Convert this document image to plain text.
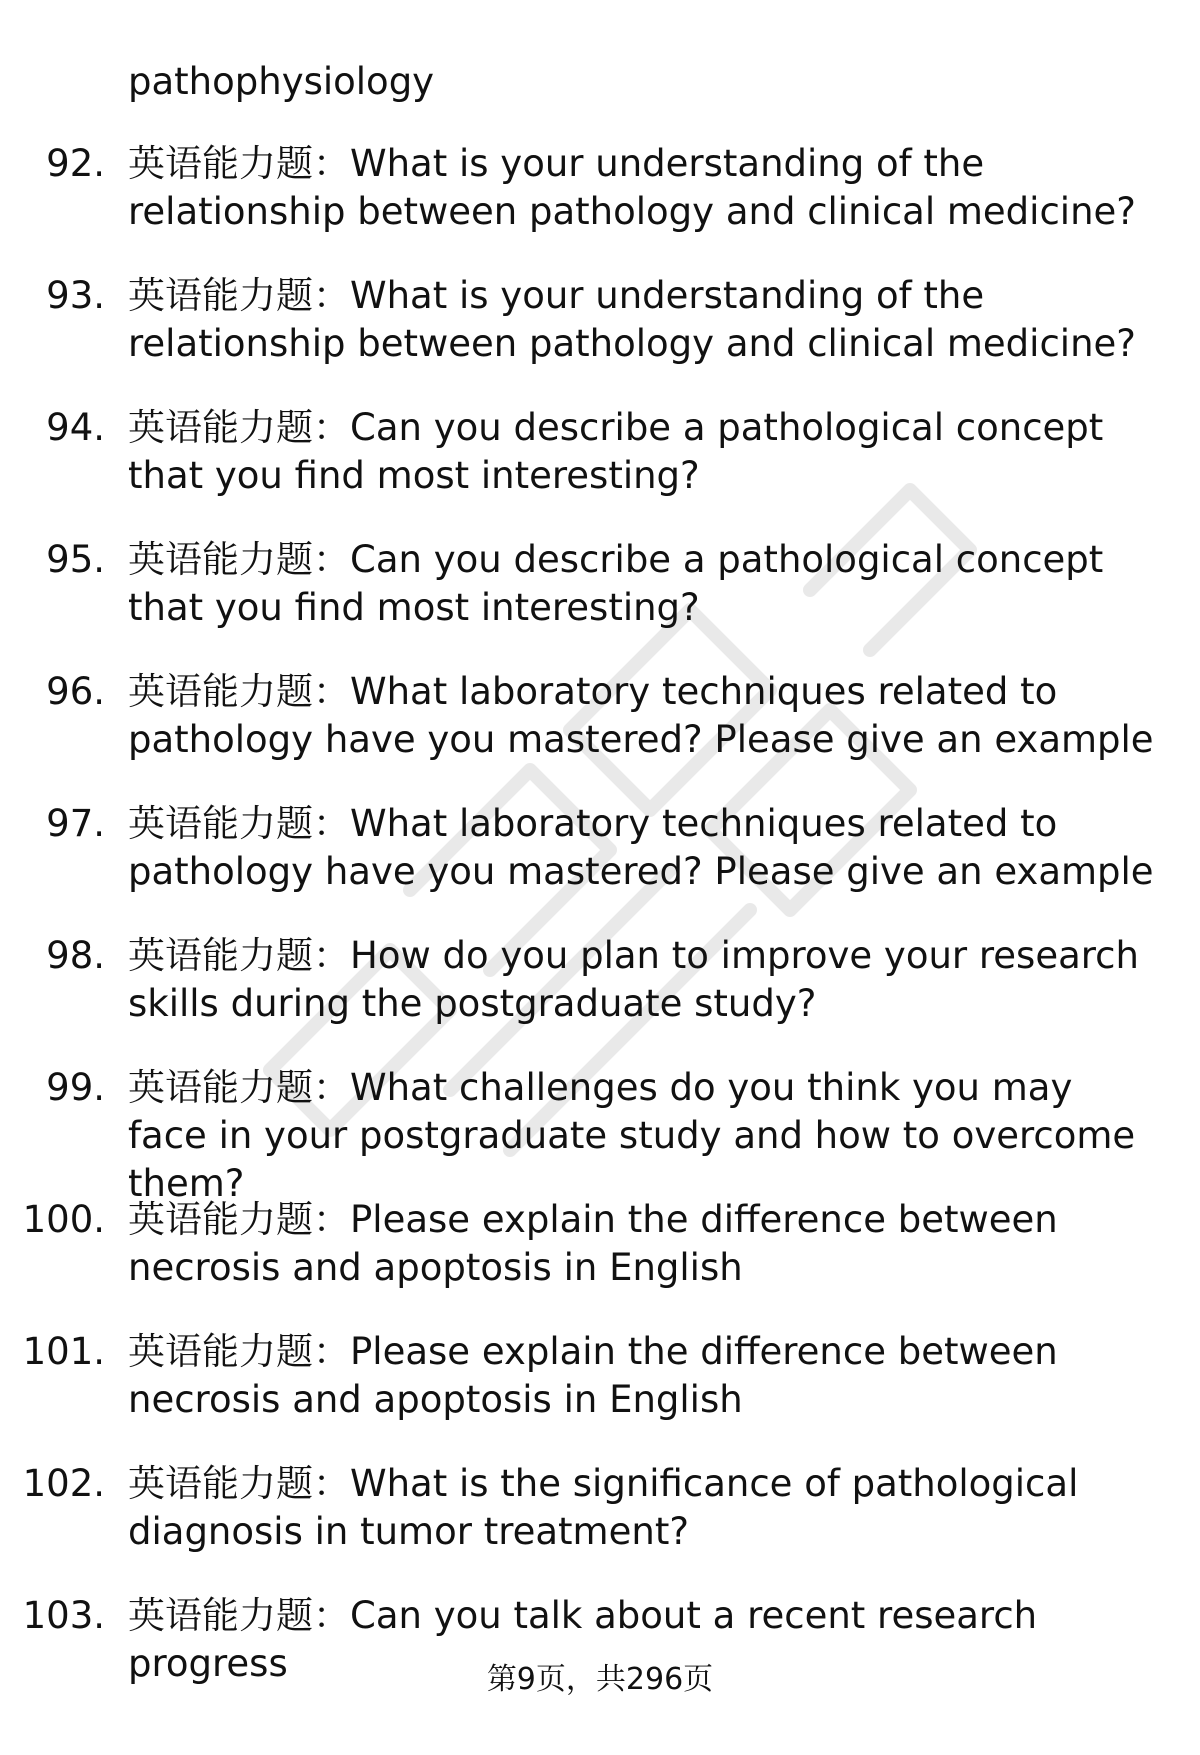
pathophysiology
92. 英语能力题：What is your understanding of the relationship between pathology and clinical medicine?
93. 英语能力题：What is your understanding of the relationship between pathology and clinical medicine?
94. 英语能力题：Can you describe a pathological concept that you find most interesting?
95. 英语能力题：Can you describe a pathological concept that you find most interesting?
96. 英语能力题：What laboratory techniques related to pathology have you mastered? Please give an example
97. 英语能力题：What laboratory techniques related to pathology have you mastered? Please give an example
98. 英语能力题：How do you plan to improve your research skills during the postgraduate study?
99. 英语能力题：What challenges do you think you may face in your postgraduate study and how to overcome them?
100. 英语能力题：Please explain the difference between necrosis and apoptosis in English
101. 英语能力题：Please explain the difference between necrosis and apoptosis in English
102. 英语能力题：What is the significance of pathological diagnosis in tumor treatment?
103. 英语能力题：Can you talk about a recent research progress	第9页，共296页
